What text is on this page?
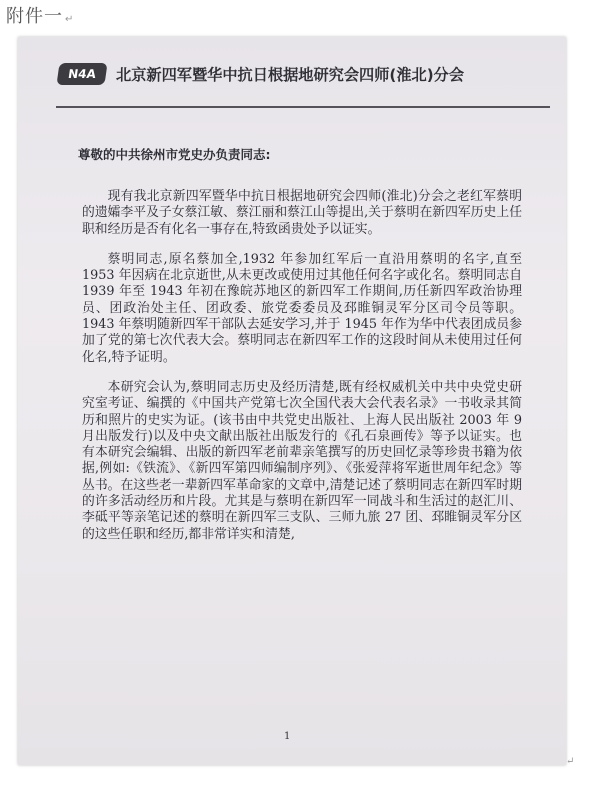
附件一 ↵
N4A	北京新四军暨华中抗日根据地研究会四师(淮北)分会
尊敬的中共徐州市党史办负责同志:

现有我北京新四军暨华中抗日根据地研究会四师(淮北)分会之老红军蔡明的遗孀李平及子女蔡江敏、蔡江丽和蔡江山等提出,关于蔡明在新四军历史上任职和经历是否有化名一事存在,特致函贵处予以证实。

蔡明同志,原名蔡加全,1932 年参加红军后一直沿用蔡明的名字,直至 1953 年因病在北京逝世,从未更改或使用过其他任何名字或化名。蔡明同志自 1939 年至 1943 年初在豫皖苏地区的新四军工作期间,历任新四军政治协理员、团政治处主任、团政委、旅党委委员及邳睢铜灵军分区司令员等职。1943 年蔡明随新四军干部队去延安学习,并于 1945 年作为华中代表团成员参加了党的第七次代表大会。蔡明同志在新四军工作的这段时间从未使用过任何化名,特予证明。

本研究会认为,蔡明同志历史及经历清楚,既有经权威机关中共中央党史研究室考证、编撰的《中国共产党第七次全国代表大会代表名录》一书收录其简历和照片的史实为证。(该书由中共党史出版社、上海人民出版社 2003 年 9 月出版发行)以及中央文献出版社出版发行的《孔石泉画传》等予以证实。也有本研究会编辑、出版的新四军老前辈亲笔撰写的历史回忆录等珍贵书籍为依据,例如:《铁流》、《新四军第四师编制序列》、《张爱萍将军逝世周年纪念》等丛书。在这些老一辈新四军革命家的文章中,清楚记述了蔡明同志在新四军时期的许多活动经历和片段。尤其是与蔡明在新四军一同战斗和生活过的赵汇川、李砥平等亲笔记述的蔡明在新四军三支队、三师九旅 27 团、邳睢铜灵军分区的这些任职和经历,都非常详实和清楚,

1
↵
